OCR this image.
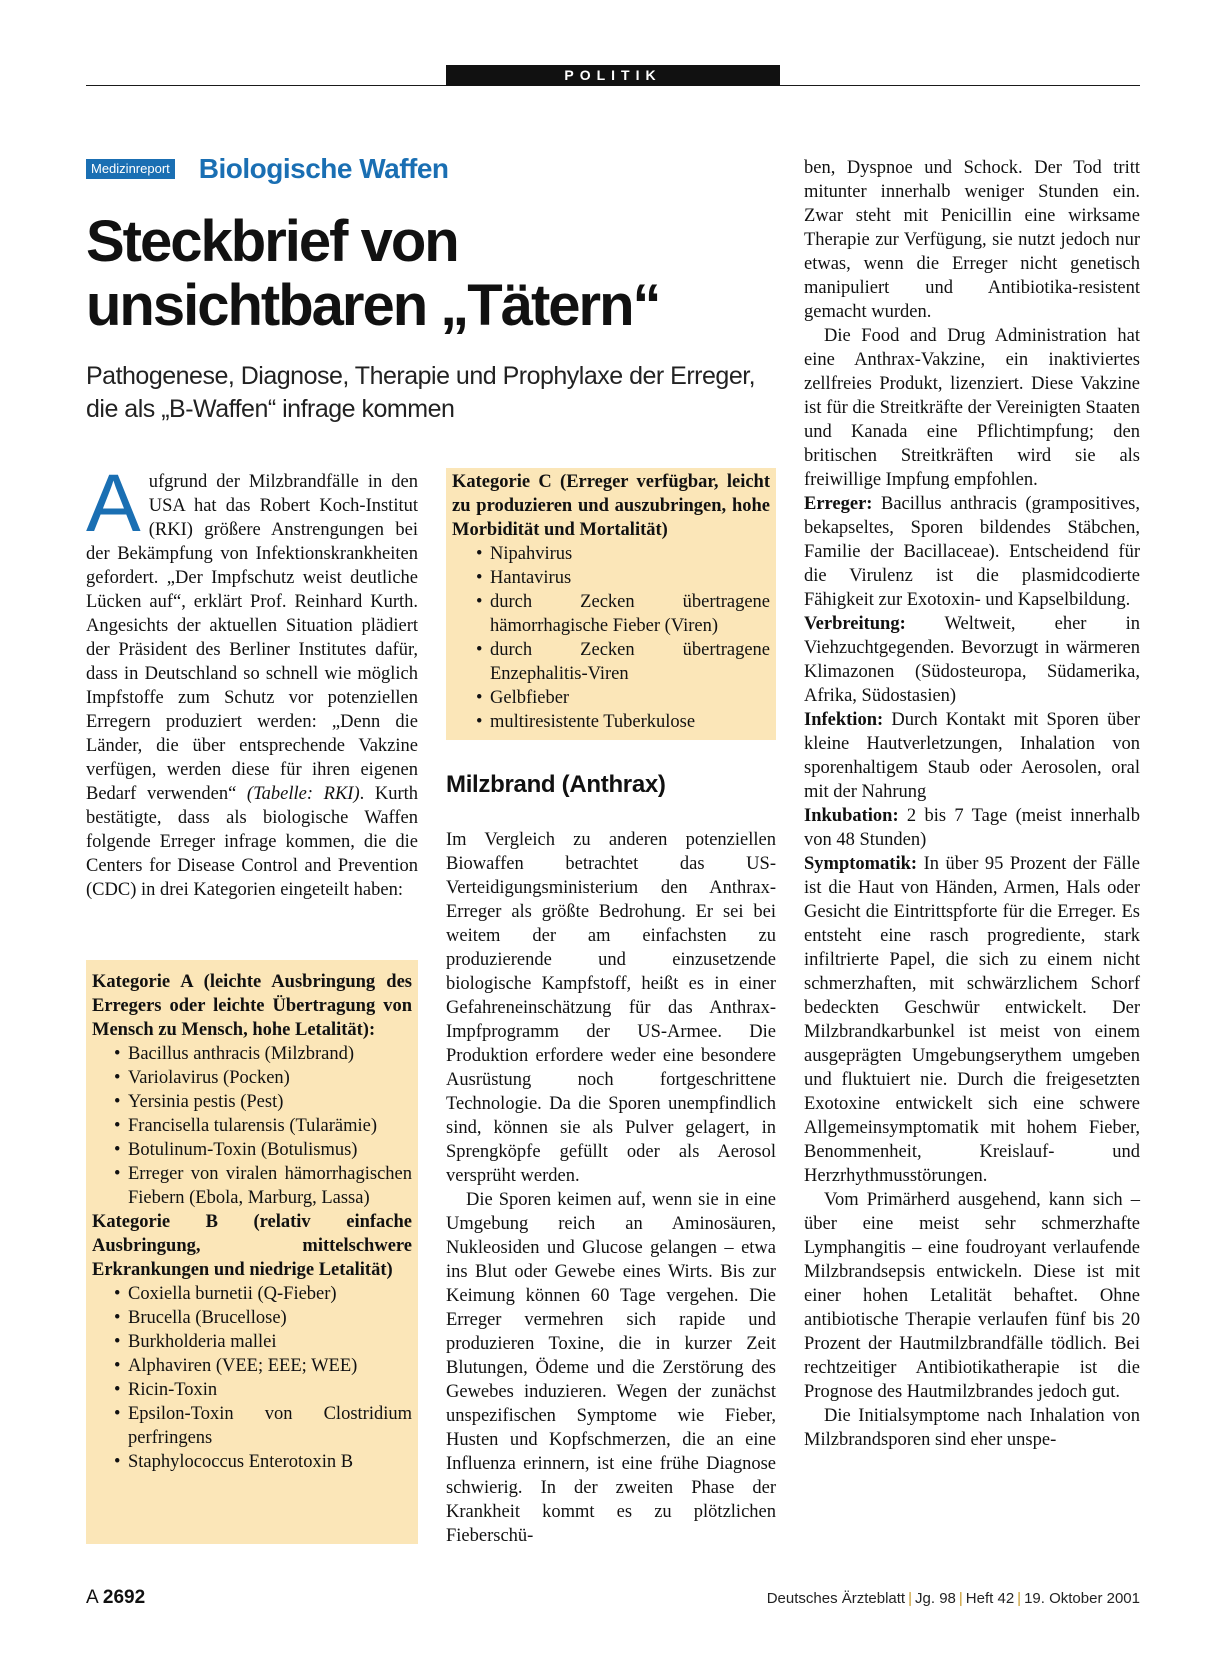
POLITIK
Medizinreport Biologische Waffen
Steckbrief von
unsichtbaren „Tätern“
Pathogenese, Diagnose, Therapie und Prophylaxe der Erreger,
die als „B-Waffen“ infrage kommen

Aufgrund der Milzbrandfälle in den USA hat das Robert Koch-Institut (RKI) größere Anstrengungen bei der Bekämpfung von Infektionskrankheiten gefordert. „Der Impfschutz weist deutliche Lücken auf“, erklärt Prof. Reinhard Kurth. Angesichts der aktuellen Situation plädiert der Präsident des Berliner Institutes dafür, dass in Deutschland so schnell wie möglich Impfstoffe zum Schutz vor potenziellen Erregern produziert werden: „Denn die Länder, die über entsprechende Vakzine verfügen, werden diese für ihren eigenen Bedarf verwenden“ (Tabelle: RKI). Kurth bestätigte, dass als biologische Waffen folgende Erreger infrage kommen, die die Centers for Disease Control and Prevention (CDC) in drei Kategorien eingeteilt haben:

Kategorie A (leichte Ausbringung des Erregers oder leichte Übertragung von Mensch zu Mensch, hohe Letalität):
• Bacillus anthracis (Milzbrand)
• Variolavirus (Pocken)
• Yersinia pestis (Pest)
• Francisella tularensis (Tularämie)
• Botulinum-Toxin (Botulismus)
• Erreger von viralen hämorrhagischen Fiebern (Ebola, Marburg, Lassa)
Kategorie B (relativ einfache Ausbringung, mittelschwere Erkrankungen und niedrige Letalität)
• Coxiella burnetii (Q-Fieber)
• Brucella (Brucellose)
• Burkholderia mallei
• Alphaviren (VEE; EEE; WEE)
• Ricin-Toxin
• Epsilon-Toxin von Clostridium perfringens
• Staphylococcus Enterotoxin B
Kategorie C (Erreger verfügbar, leicht zu produzieren und auszubringen, hohe Morbidität und Mortalität)
• Nipahvirus
• Hantavirus
• durch Zecken übertragene hämorrhagische Fieber (Viren)
• durch Zecken übertragene Enzephalitis-Viren
• Gelbfieber
• multiresistente Tuberkulose
Milzbrand (Anthrax)

Im Vergleich zu anderen potenziellen Biowaffen betrachtet das US-Verteidigungsministerium den Anthrax-Erreger als größte Bedrohung. Er sei bei weitem der am einfachsten zu produzierende und einzusetzende biologische Kampfstoff, heißt es in einer Gefahreneinschätzung für das Anthrax-Impfprogramm der US-Armee. Die Produktion erfordere weder eine besondere Ausrüstung noch fortgeschrittene Technologie. Da die Sporen unempfindlich sind, können sie als Pulver gelagert, in Sprengköpfe gefüllt oder als Aerosol versprüht werden.

Die Sporen keimen auf, wenn sie in eine Umgebung reich an Aminosäuren, Nukleosiden und Glucose gelangen – etwa ins Blut oder Gewebe eines Wirts. Bis zur Keimung können 60 Tage vergehen. Die Erreger vermehren sich rapide und produzieren Toxine, die in kurzer Zeit Blutungen, Ödeme und die Zerstörung des Gewebes induzieren. Wegen der zunächst unspezifischen Symptome wie Fieber, Husten und Kopfschmerzen, die an eine Influenza erinnern, ist eine frühe Diagnose schwierig. In der zweiten Phase der Krankheit kommt es zu plötzlichen Fieberschü-

ben, Dyspnoe und Schock. Der Tod tritt mitunter innerhalb weniger Stunden ein. Zwar steht mit Penicillin eine wirksame Therapie zur Verfügung, sie nutzt jedoch nur etwas, wenn die Erreger nicht genetisch manipuliert und Antibiotika-resistent gemacht wurden.

Die Food and Drug Administration hat eine Anthrax-Vakzine, ein inaktiviertes zellfreies Produkt, lizenziert. Diese Vakzine ist für die Streitkräfte der Vereinigten Staaten und Kanada eine Pflichtimpfung; den britischen Streitkräften wird sie als freiwillige Impfung empfohlen.

Erreger: Bacillus anthracis (grampositives, bekapseltes, Sporen bildendes Stäbchen, Familie der Bacillaceae). Entscheidend für die Virulenz ist die plasmidcodierte Fähigkeit zur Exotoxin- und Kapselbildung.

Verbreitung: Weltweit, eher in Viehzuchtgegenden. Bevorzugt in wärmeren Klimazonen (Südosteuropa, Südamerika, Afrika, Südostasien)

Infektion: Durch Kontakt mit Sporen über kleine Hautverletzungen, Inhalation von sporenhaltigem Staub oder Aerosolen, oral mit der Nahrung

Inkubation: 2 bis 7 Tage (meist innerhalb von 48 Stunden)

Symptomatik: In über 95 Prozent der Fälle ist die Haut von Händen, Armen, Hals oder Gesicht die Eintrittspforte für die Erreger. Es entsteht eine rasch progrediente, stark infiltrierte Papel, die sich zu einem nicht schmerzhaften, mit schwärzlichem Schorf bedeckten Geschwür entwickelt. Der Milzbrandkarbunkel ist meist von einem ausgeprägten Umgebungserythem umgeben und fluktuiert nie. Durch die freigesetzten Exotoxine entwickelt sich eine schwere Allgemeinsymptomatik mit hohem Fieber, Benommenheit, Kreislauf- und Herzrhythmusstörungen.

Vom Primärherd ausgehend, kann sich – über eine meist sehr schmerzhafte Lymphangitis – eine foudroyant verlaufende Milzbrandsepsis entwickeln. Diese ist mit einer hohen Letalität behaftet. Ohne antibiotische Therapie verlaufen fünf bis 20 Prozent der Hautmilzbrandfälle tödlich. Bei rechtzeitiger Antibiotikatherapie ist die Prognose des Hautmilzbrandes jedoch gut.

Die Initialsymptome nach Inhalation von Milzbrandsporen sind eher unspe-

A 2692	Deutsches Ärzteblatt | Jg. 98 | Heft 42 | 19. Oktober 2001
